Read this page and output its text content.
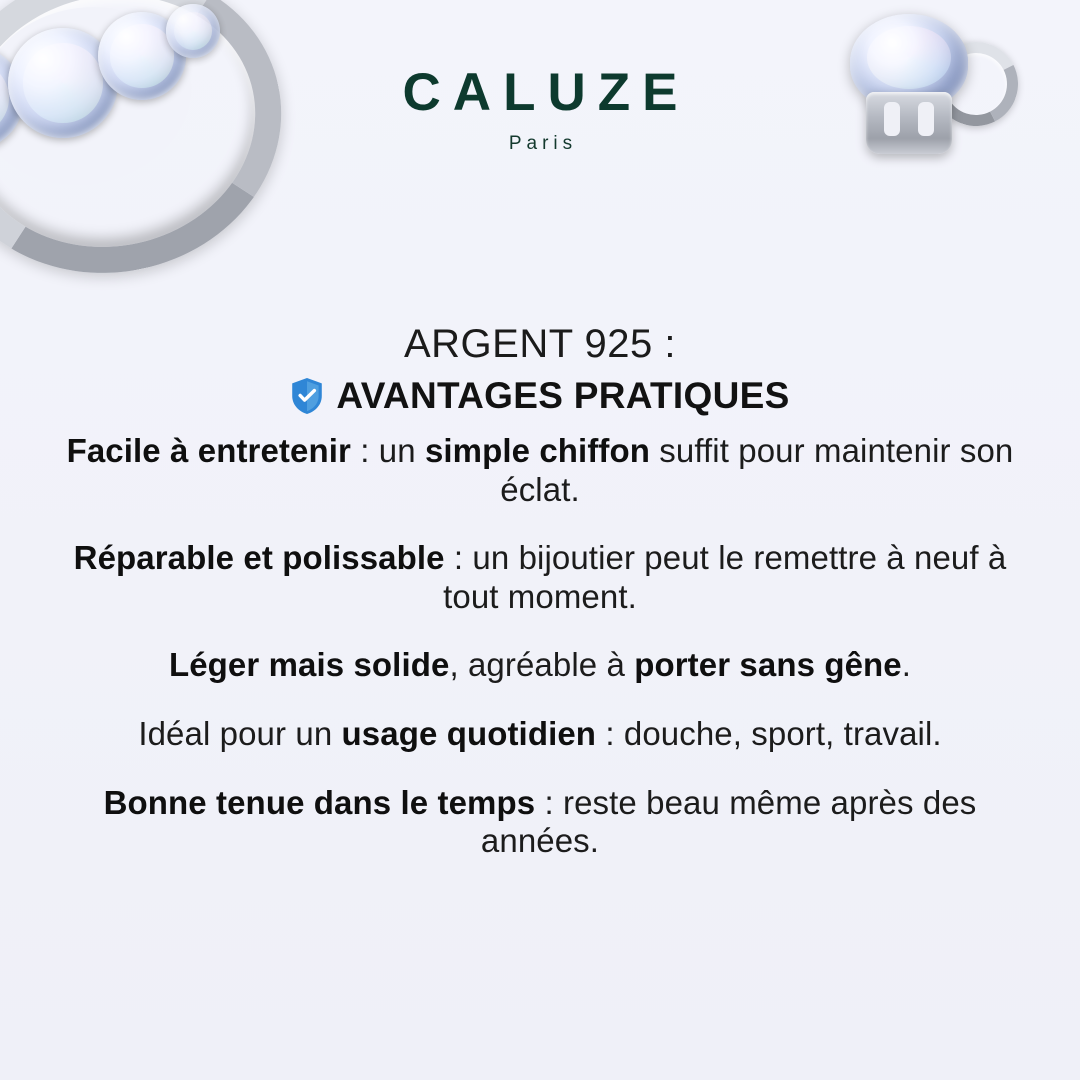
CALUZE
Paris
ARGENT 925 :
AVANTAGES PRATIQUES
Facile à entretenir : un simple chiffon suffit pour maintenir son éclat.
Réparable et polissable : un bijoutier peut le remettre à neuf à tout moment.
Léger mais solide, agréable à porter sans gêne.
Idéal pour un usage quotidien : douche, sport, travail.
Bonne tenue dans le temps : reste beau même après des années.
